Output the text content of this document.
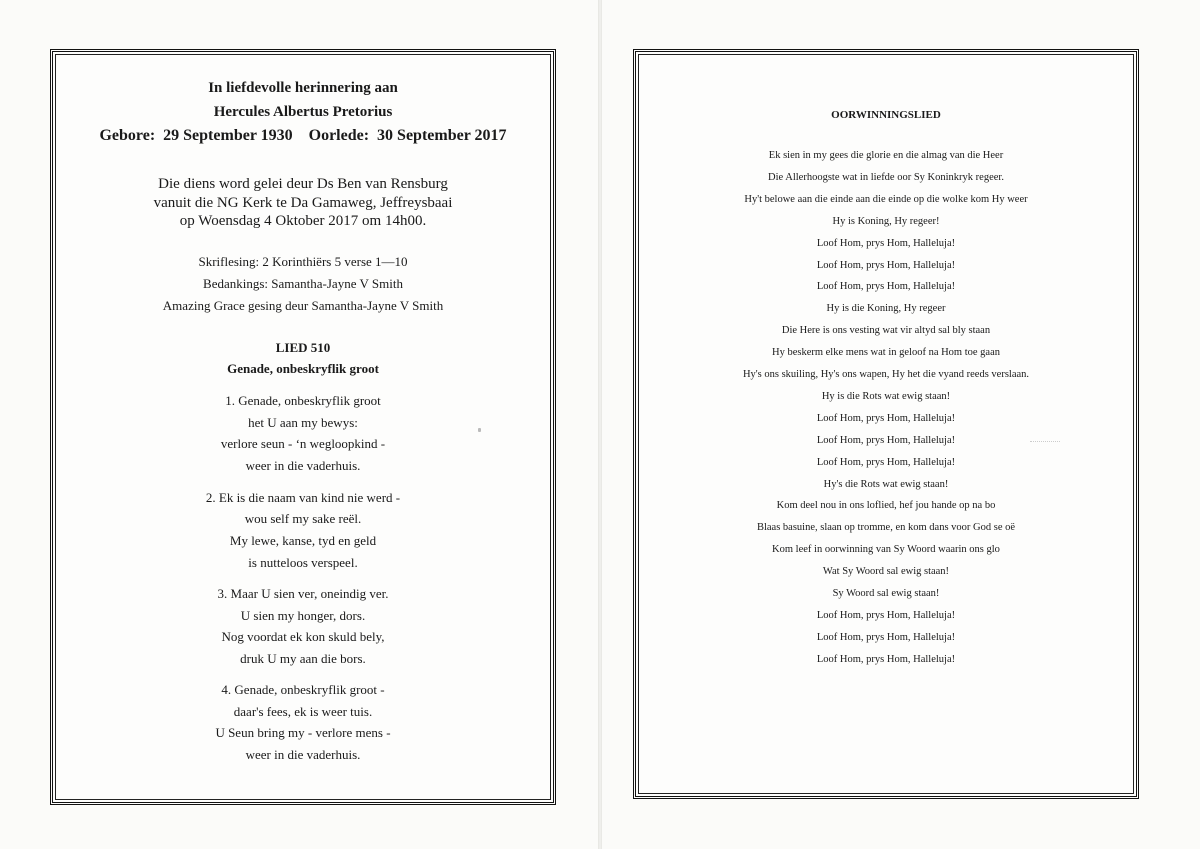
In liefdevolle herinnering aan
Hercules Albertus Pretorius
Gebore:  29 September 1930    Oorlede:  30 September 2017
Die diens word gelei deur Ds Ben van Rensburg
vanuit die NG Kerk te Da Gamaweg, Jeffreysbaai
op Woensdag 4 Oktober 2017 om 14h00.
Skriflesing: 2 Korinthiërs 5 verse 1—10
Bedankings: Samantha-Jayne V Smith
Amazing Grace gesing deur Samantha-Jayne V Smith
LIED 510
Genade, onbeskryflik groot
1. Genade, onbeskryflik groot
het U aan my bewys:
verlore seun - ‘n wegloopkind -
weer in die vaderhuis.
2. Ek is die naam van kind nie werd -
wou self my sake reël.
My lewe, kanse, tyd en geld
is nutteloos verspeel.
3. Maar U sien ver, oneindig ver.
U sien my honger, dors.
Nog voordat ek kon skuld bely,
druk U my aan die bors.
4. Genade, onbeskryflik groot -
daar's fees, ek is weer tuis.
U Seun bring my - verlore mens -
weer in die vaderhuis.
OORWINNINGSLIED
Ek sien in my gees die glorie en die almag van die Heer
Die Allerhoogste wat in liefde oor Sy Koninkryk regeer.
Hy't belowe aan die einde aan die einde op die wolke kom Hy weer
Hy is Koning, Hy regeer!
Loof Hom, prys Hom, Halleluja!
Loof Hom, prys Hom, Halleluja!
Loof Hom, prys Hom, Halleluja!
Hy is die Koning, Hy regeer
Die Here is ons vesting wat vir altyd sal bly staan
Hy beskerm elke mens wat in geloof na Hom toe gaan
Hy's ons skuiling, Hy's ons wapen, Hy het die vyand reeds verslaan.
Hy is die Rots wat ewig staan!
Loof Hom, prys Hom, Halleluja!
Loof Hom, prys Hom, Halleluja!
Loof Hom, prys Hom, Halleluja!
Hy's die Rots wat ewig staan!
Kom deel nou in ons loflied, hef jou hande op na bo
Blaas basuine, slaan op tromme, en kom dans voor God se oë
Kom leef in oorwinning van Sy Woord waarin ons glo
Wat Sy Woord sal ewig staan!
Sy Woord sal ewig staan!
Loof Hom, prys Hom, Halleluja!
Loof Hom, prys Hom, Halleluja!
Loof Hom, prys Hom, Halleluja!
